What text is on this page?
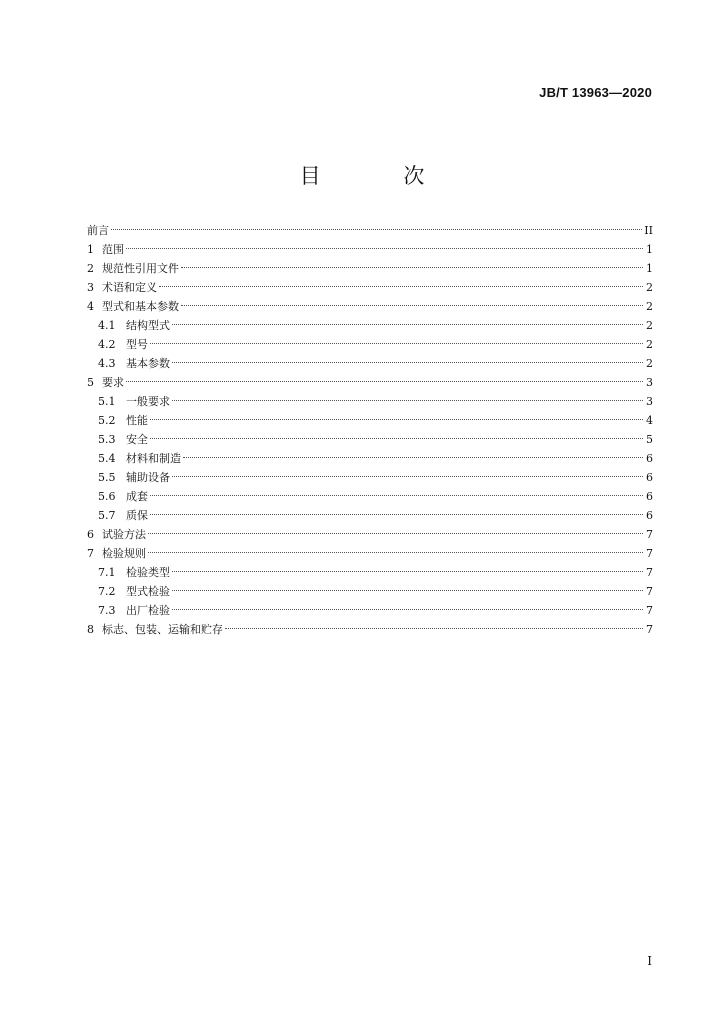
JB/T 13963—2020
目 次
前言	II
1 范围	1
2 规范性引用文件	1
3 术语和定义	2
4 型式和基本参数	2
4.1 结构型式	2
4.2 型号	2
4.3 基本参数	2
5 要求	3
5.1 一般要求	3
5.2 性能	4
5.3 安全	5
5.4 材料和制造	6
5.5 辅助设备	6
5.6 成套	6
5.7 质保	6
6 试验方法	7
7 检验规则	7
7.1 检验类型	7
7.2 型式检验	7
7.3 出厂检验	7
8 标志、包装、运输和贮存	7
I
